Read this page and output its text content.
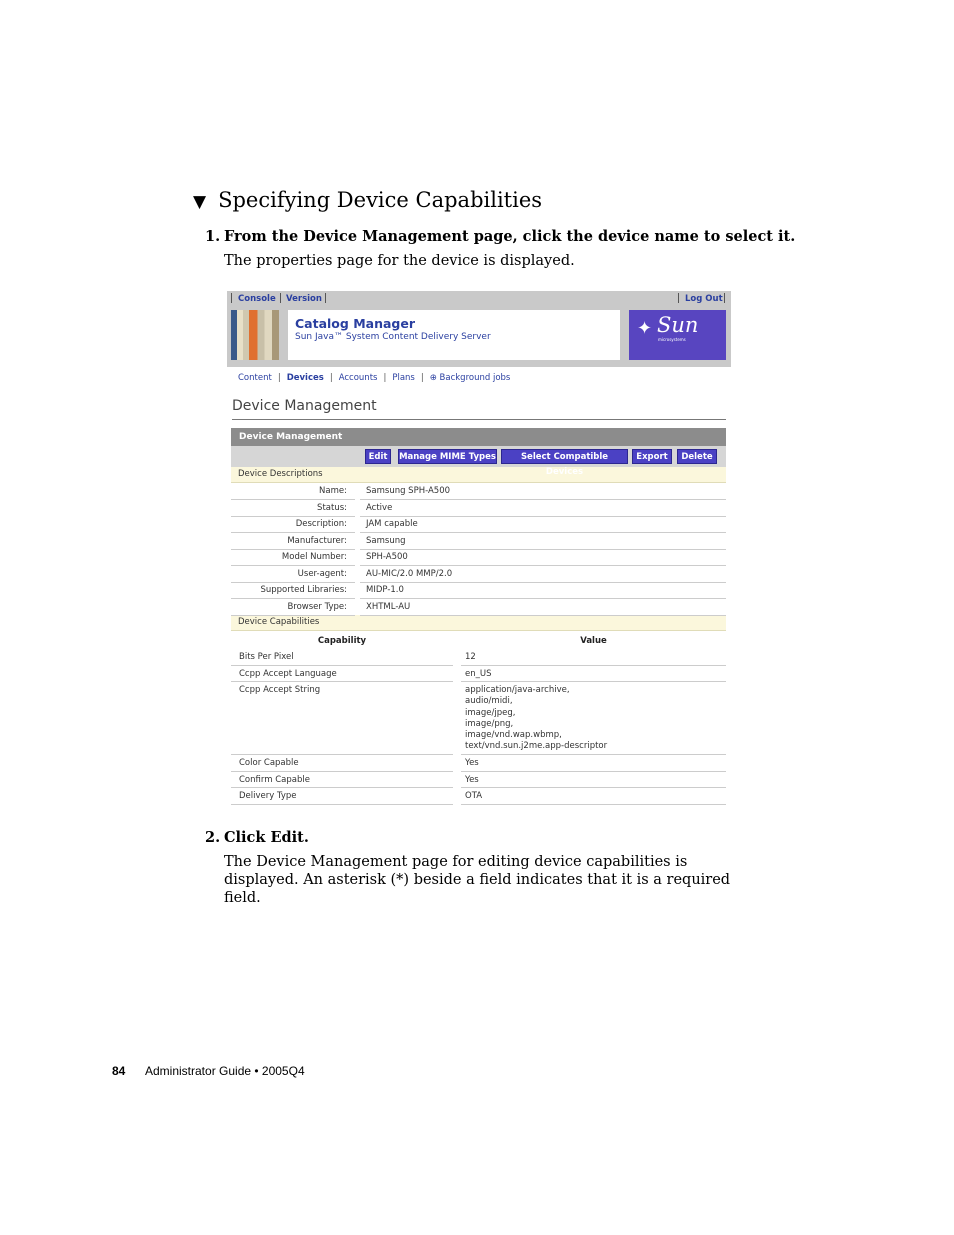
▼ Specifying Device Capabilities
1. From the Device Management page, click the device name to select it.
The properties page for the device is displayed.
Console Version	Log Out
Catalog Manager
Sun Java™ System Content Delivery Server	✦ Sun
microsystems
Content | Devices | Accounts | Plans | ⊕ Background jobs
Device Management
Device Management
Edit	Manage MIME Types	Select Compatible Devices
Export	Delete
Device Descriptions
Name: Samsung SPH-A500
Status: Active
Description: JAM capable
Manufacturer: Samsung
Model Number: SPH-A500
User-agent: AU-MIC/2.0 MMP/2.0
Supported Libraries: MIDP-1.0
Browser Type: XHTML-AU
Device Capabilities
Capability	Value
Bits Per Pixel	12
Ccpp Accept Language	en_US
Ccpp Accept String	application/java-archive,
audio/midi,
image/jpeg,
image/png,
image/vnd.wap.wbmp,
text/vnd.sun.j2me.app-descriptor
Color Capable	Yes
Confirm Capable	Yes
Delivery Type	OTA
2. Click Edit.
The Device Management page for editing device capabilities is displayed. An asterisk (*) beside a field indicates that it is a required field.
84 Administrator Guide • 2005Q4
